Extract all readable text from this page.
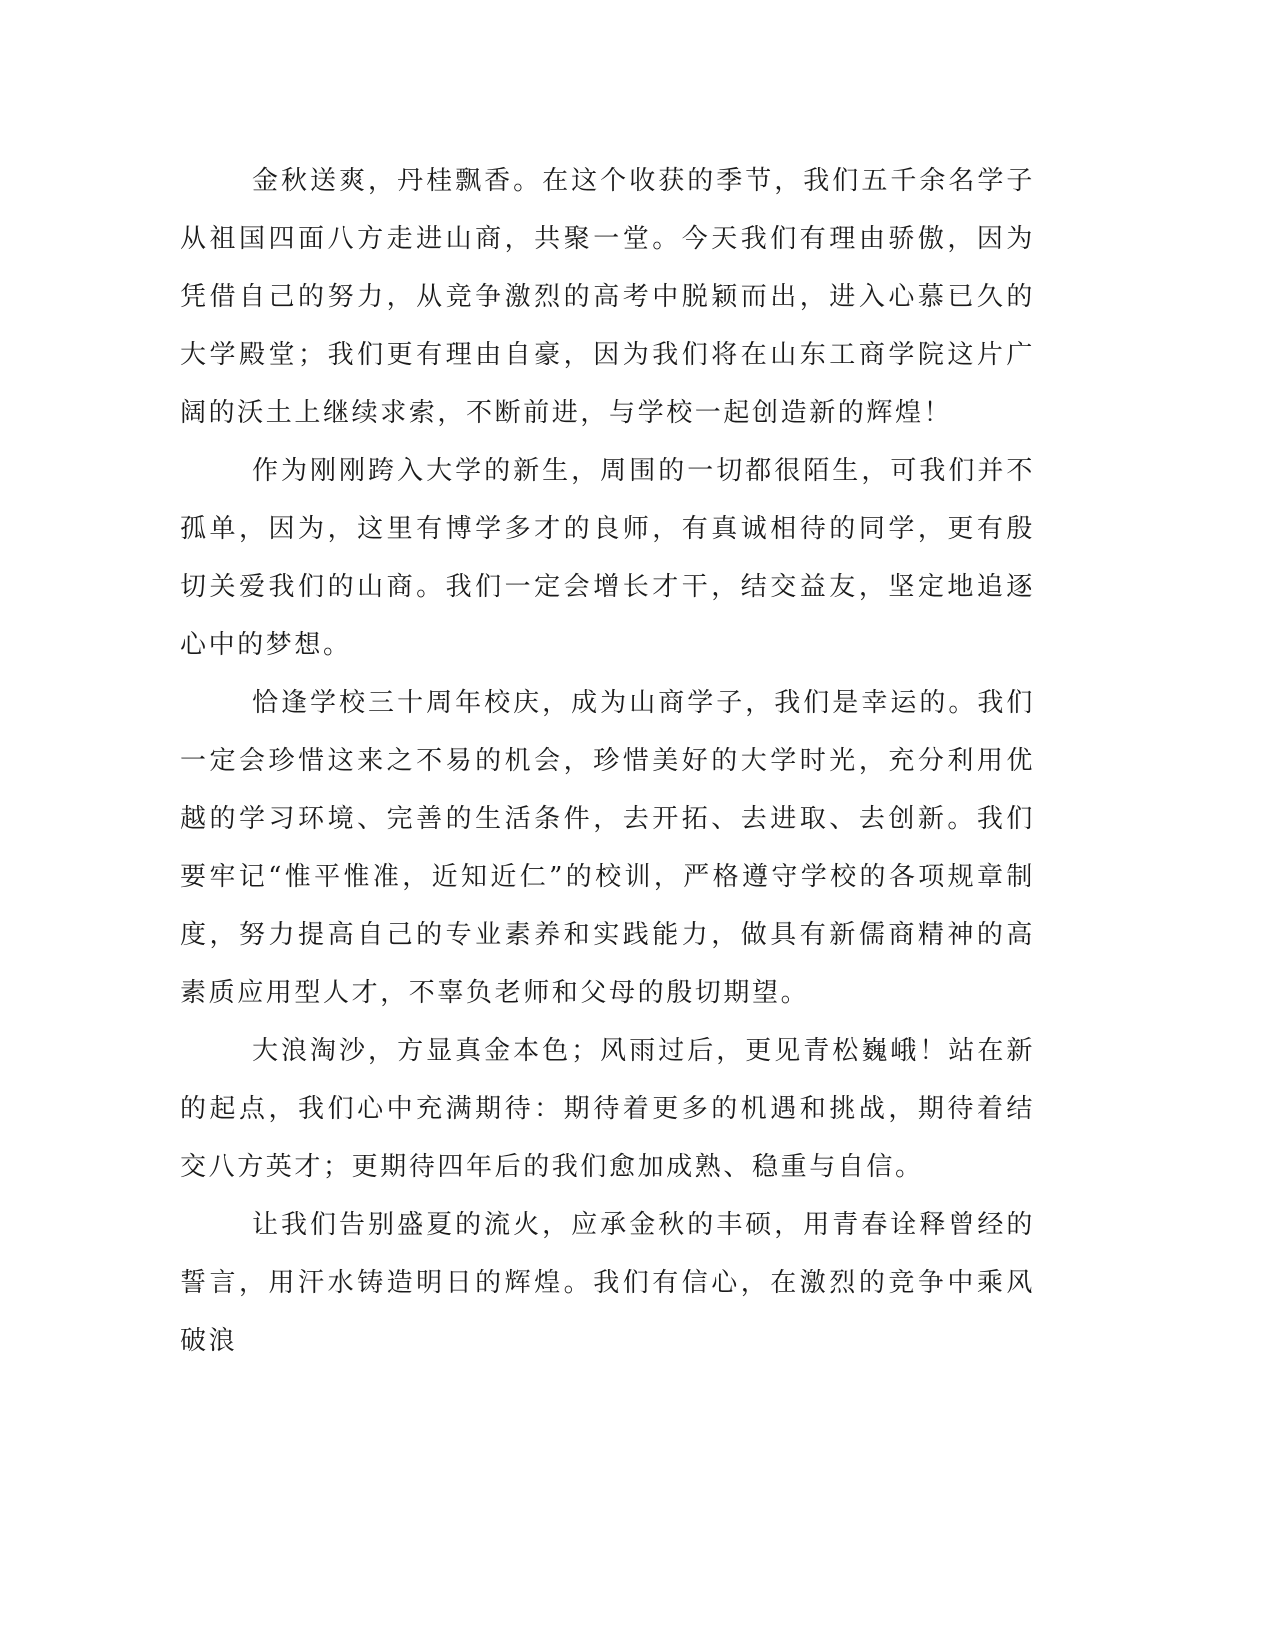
金秋送爽，丹桂飘香。在这个收获的季节，我们五千余名学子从祖国四面八方走进山商，共聚一堂。今天我们有理由骄傲，因为凭借自己的努力，从竞争激烈的高考中脱颖而出，进入心慕已久的大学殿堂；我们更有理由自豪，因为我们将在山东工商学院这片广阔的沃土上继续求索，不断前进，与学校一起创造新的辉煌！

作为刚刚跨入大学的新生，周围的一切都很陌生，可我们并不孤单，因为，这里有博学多才的良师，有真诚相待的同学，更有殷切关爱我们的山商。我们一定会增长才干，结交益友，坚定地追逐心中的梦想。

恰逢学校三十周年校庆，成为山商学子，我们是幸运的。我们一定会珍惜这来之不易的机会，珍惜美好的大学时光，充分利用优越的学习环境、完善的生活条件，去开拓、去进取、去创新。我们要牢记“惟平惟准，近知近仁”的校训，严格遵守学校的各项规章制度，努力提高自己的专业素养和实践能力，做具有新儒商精神的高素质应用型人才，不辜负老师和父母的殷切期望。

大浪淘沙，方显真金本色；风雨过后，更见青松巍峨！站在新的起点，我们心中充满期待：期待着更多的机遇和挑战，期待着结交八方英才；更期待四年后的我们愈加成熟、稳重与自信。

让我们告别盛夏的流火，应承金秋的丰硕，用青春诠释曾经的誓言，用汗水铸造明日的辉煌。我们有信心，在激烈的竞争中乘风破浪
